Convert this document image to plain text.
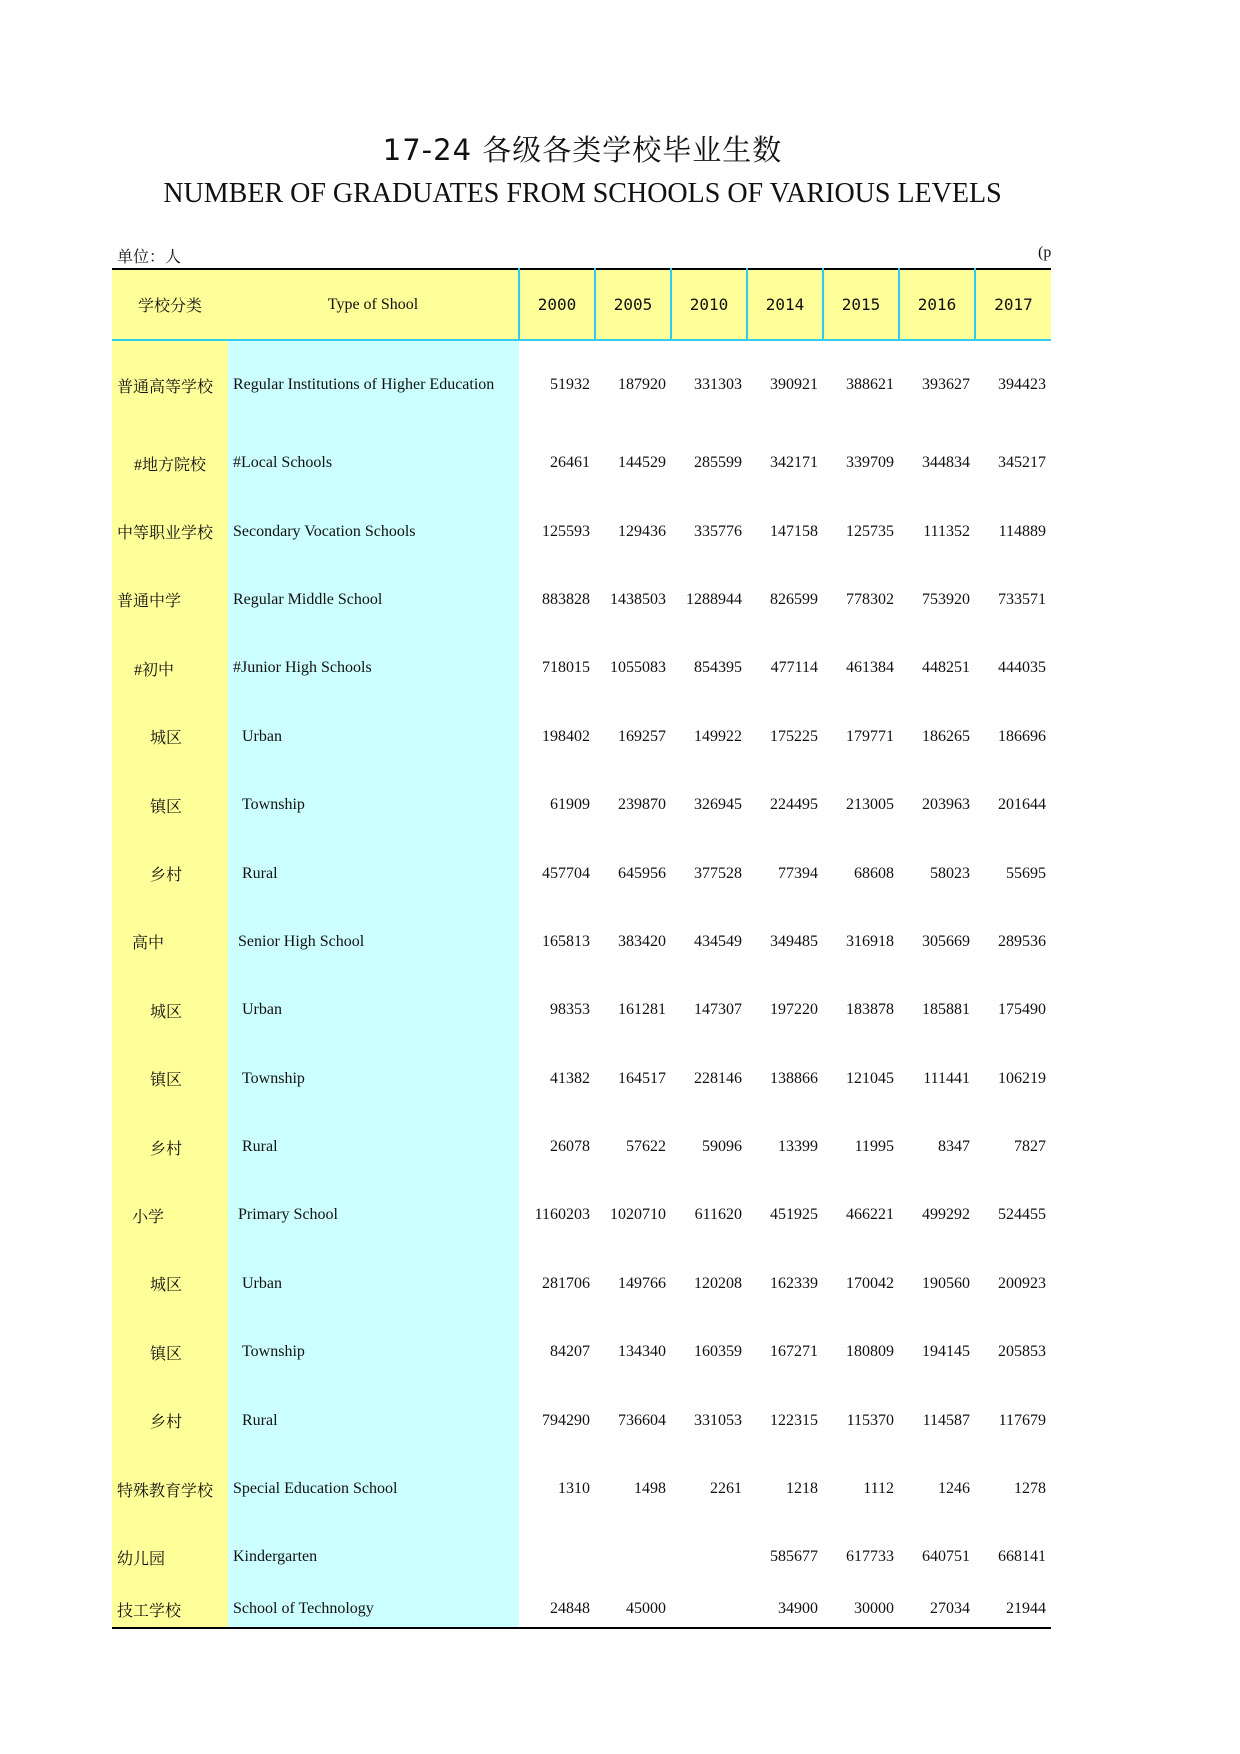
17-24 各级各类学校毕业生数
NUMBER OF GRADUATES FROM SCHOOLS OF VARIOUS LEVELS
单位：人	(p
学校分类	Type of Shool	2000	2005	2010	2014	2015	2016	2017
普通高等学校	Regular Institutions of Higher Education	51932	187920	331303	390921	388621	393627	394423
#地方院校	#Local Schools	26461	144529	285599	342171	339709	344834	345217
中等职业学校	Secondary Vocation Schools	125593	129436	335776	147158	125735	111352	114889
普通中学	Regular Middle School	883828	1438503	1288944	826599	778302	753920	733571
#初中	#Junior High Schools	718015	1055083	854395	477114	461384	448251	444035
城区	Urban	198402	169257	149922	175225	179771	186265	186696
镇区	Township	61909	239870	326945	224495	213005	203963	201644
乡村	Rural	457704	645956	377528	77394	68608	58023	55695
高中	Senior High School	165813	383420	434549	349485	316918	305669	289536
城区	Urban	98353	161281	147307	197220	183878	185881	175490
镇区	Township	41382	164517	228146	138866	121045	111441	106219
乡村	Rural	26078	57622	59096	13399	11995	8347	7827
小学	Primary School	1160203	1020710	611620	451925	466221	499292	524455
城区	Urban	281706	149766	120208	162339	170042	190560	200923
镇区	Township	84207	134340	160359	167271	180809	194145	205853
乡村	Rural	794290	736604	331053	122315	115370	114587	117679
特殊教育学校	Special Education School	1310	1498	2261	1218	1112	1246	1278
幼儿园	Kindergarten				585677	617733	640751	668141
技工学校	School of Technology	24848	45000		34900	30000	27034	21944
